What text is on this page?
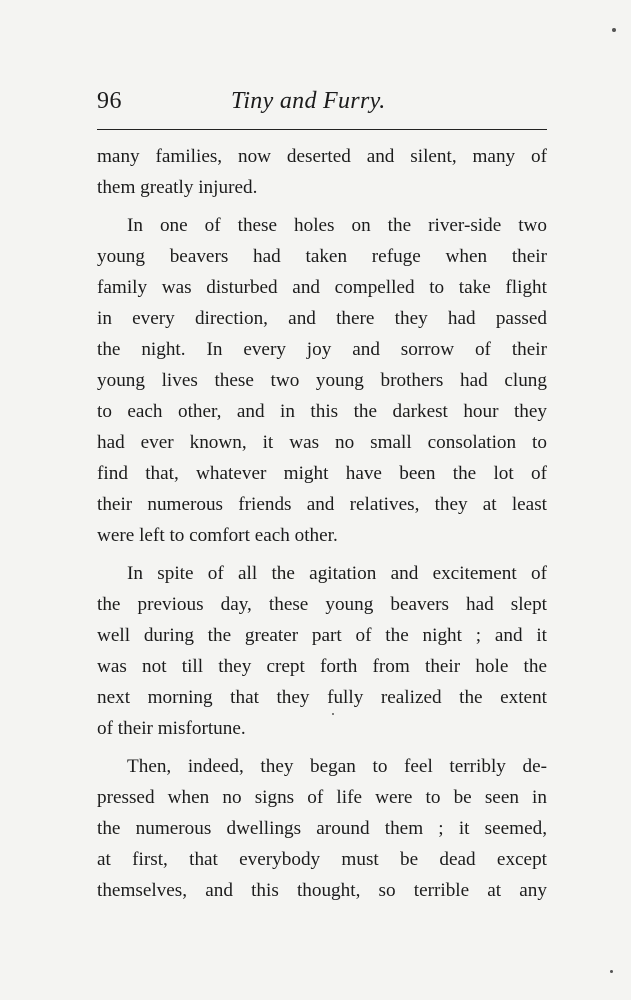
96	Tiny and Furry.
many families, now deserted and silent, many of
them greatly injured.
In one of these holes on the river-side two
young beavers had taken refuge when their
family was disturbed and compelled to take flight
in every direction, and there they had passed
the night. In every joy and sorrow of their
young lives these two young brothers had clung
to each other, and in this the darkest hour they
had ever known, it was no small consolation to
find that, whatever might have been the lot of
their numerous friends and relatives, they at least
were left to comfort each other.
In spite of all the agitation and excitement of
the previous day, these young beavers had slept
well during the greater part of the night ; and it
was not till they crept forth from their hole the
next morning that they fully realized the extent
of their misfortune.
Then, indeed, they began to feel terribly de-
pressed when no signs of life were to be seen in
the numerous dwellings around them ; it seemed,
at first, that everybody must be dead except
themselves, and this thought, so terrible at any
